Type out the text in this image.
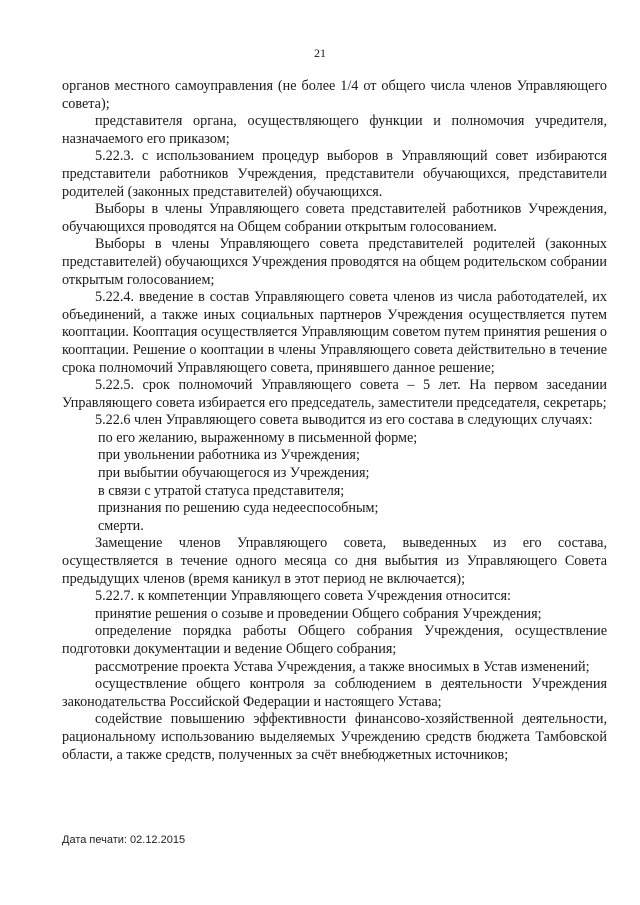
21

органов местного самоуправления (не более 1/4 от общего числа членов Управляющего совета);

представителя органа, осуществляющего функции и полномочия учредителя, назначаемого его приказом;

5.22.3. с использованием процедур выборов в Управляющий совет избираются представители работников Учреждения, представители обучающихся, представители родителей (законных представителей) обучающихся.

Выборы в члены Управляющего совета представителей работников Учреждения, обучающихся проводятся на Общем собрании открытым голосованием.

Выборы в члены Управляющего совета представителей родителей (законных представителей) обучающихся Учреждения проводятся на общем родительском собрании открытым голосованием;

5.22.4. введение в состав Управляющего совета членов из числа работодателей, их объединений, а также иных социальных партнеров Учреждения осуществляется путем кооптации. Кооптация осуществляется Управляющим советом путем принятия решения о кооптации. Решение о кооптации в члены Управляющего совета действительно в течение срока полномочий Управляющего совета, принявшего данное решение;

5.22.5. срок полномочий Управляющего совета – 5 лет. На первом заседании Управляющего совета избирается его председатель, заместители председателя, секретарь;

5.22.6 член Управляющего совета выводится из его состава в следующих случаях:

по его желанию, выраженному в письменной форме;

при увольнении работника из Учреждения;

при выбытии обучающегося из Учреждения;

в связи с утратой статуса представителя;

признания по решению суда недееспособным;

смерти.

Замещение членов Управляющего совета, выведенных из его состава, осуществляется в течение одного месяца со дня выбытия из Управляющего Совета предыдущих членов (время каникул в этот период не включается);

5.22.7. к компетенции Управляющего совета Учреждения относится:

принятие решения о созыве и проведении Общего собрания Учреждения;

определение порядка работы Общего собрания Учреждения, осуществление подготовки документации и ведение Общего собрания;

рассмотрение проекта Устава Учреждения, а также вносимых в Устав изменений;

осуществление общего контроля за соблюдением в деятельности Учреждения законодательства Российской Федерации и настоящего Устава;

содействие повышению эффективности финансово-хозяйственной деятельности, рациональному использованию выделяемых Учреждению средств бюджета Тамбовской области, а также средств, полученных за счёт внебюджетных источников;

Дата печати: 02.12.2015
